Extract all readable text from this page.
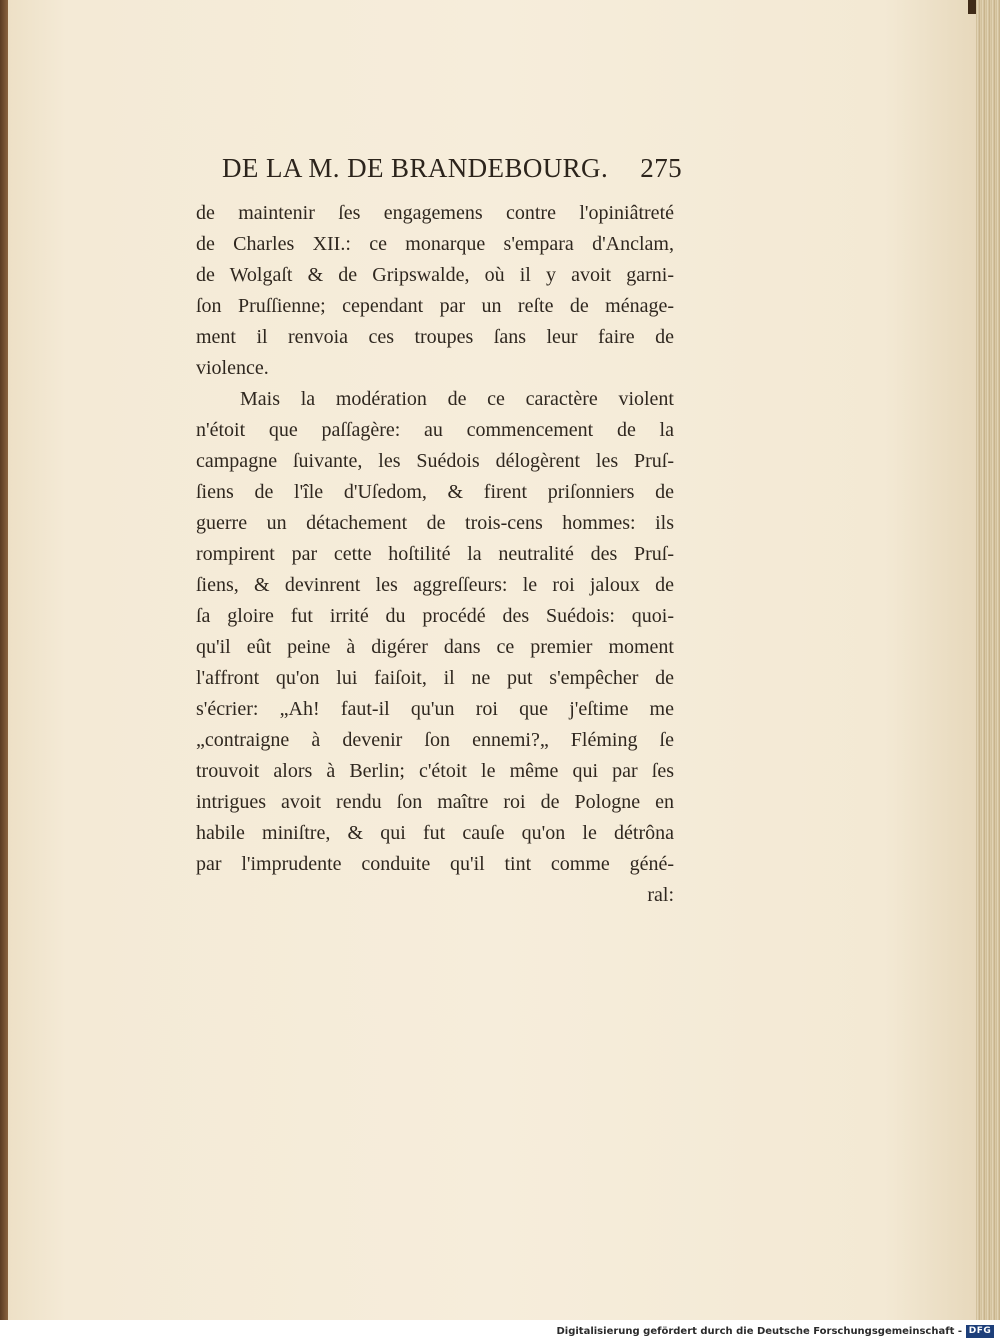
DE LA M. DE BRANDEBOURG. 275
de maintenir ſes engagemens contre l'opiniâtreté
de Charles XII.: ce monarque s'empara d'Anclam,
de Wolgaſt & de Gripswalde, où il y avoit garni-
ſon Pruſſienne; cependant par un reſte de ménage-
ment il renvoia ces troupes ſans leur faire de
violence.
Mais la modération de ce caractère violent
n'étoit que paſſagère: au commencement de la
campagne ſuivante, les Suédois délogèrent les Pruſ-
ſiens de l'île d'Uſedom, & firent priſonniers de
guerre un détachement de trois-cens hommes: ils
rompirent par cette hoſtilité la neutralité des Pruſ-
ſiens, & devinrent les aggreſſeurs: le roi jaloux de
ſa gloire fut irrité du procédé des Suédois: quoi-
qu'il eût peine à digérer dans ce premier moment
l'affront qu'on lui faiſoit, il ne put s'empêcher de
s'écrier: „Ah! faut-il qu'un roi que j'eſtime me
„contraigne à devenir ſon ennemi?„ Fléming ſe
trouvoit alors à Berlin; c'étoit le même qui par ſes
intrigues avoit rendu ſon maître roi de Pologne en
habile miniſtre, & qui fut cauſe qu'on le détrôna
par l'imprudente conduite qu'il tint comme géné-
ral:
Digitalisierung gefördert durch die Deutsche Forschungsgemeinschaft - DFG
